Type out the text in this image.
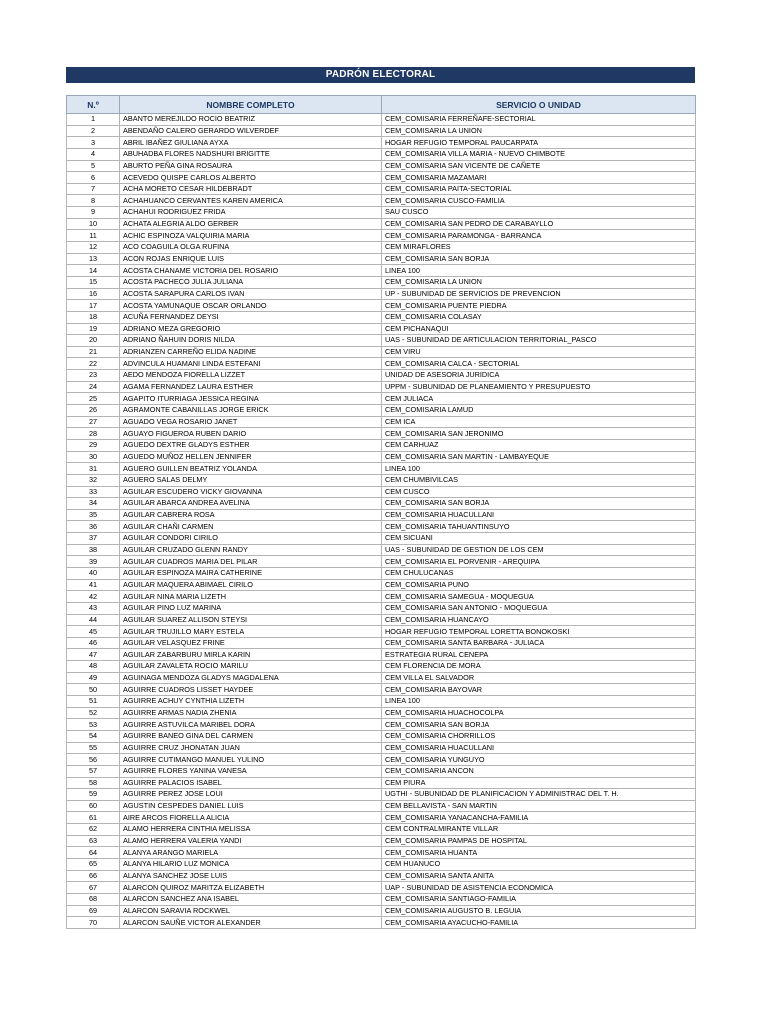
PADRÓN ELECTORAL
N.º	NOMBRE COMPLETO	SERVICIO O UNIDAD
1	ABANTO MEREJILDO ROCIO BEATRIZ	CEM_COMISARIA FERREÑAFE-SECTORIAL
2	ABENDAÑO CALERO GERARDO WILVERDEF	CEM_COMISARIA LA UNION
3	ABRIL IBAÑEZ GIULIANA AYXA	HOGAR REFUGIO TEMPORAL PAUCARPATA
4	ABUHADBA FLORES NADSHURI BRIGITTE	CEM_COMISARIA VILLA MARIA - NUEVO CHIMBOTE
5	ABURTO PEÑA GINA ROSAURA	CEM_COMISARIA SAN VICENTE DE CAÑETE
6	ACEVEDO QUISPE CARLOS ALBERTO	CEM_COMISARIA MAZAMARI
7	ACHA MORETO CESAR HILDEBRADT	CEM_COMISARIA PAITA-SECTORIAL
8	ACHAHUANCO CERVANTES KAREN AMERICA	CEM_COMISARIA CUSCO-FAMILIA
9	ACHAHUI RODRIGUEZ FRIDA	SAU CUSCO
10	ACHATA ALEGRIA ALDO GERBER	CEM_COMISARIA SAN PEDRO DE CARABAYLLO
11	ACHIC ESPINOZA VALQUIRIA MARIA	CEM_COMISARIA PARAMONGA - BARRANCA
12	ACO COAGUILA OLGA RUFINA	CEM MIRAFLORES
13	ACON ROJAS ENRIQUE LUIS	CEM_COMISARIA SAN BORJA
14	ACOSTA CHANAME VICTORIA DEL ROSARIO	LINEA 100
15	ACOSTA PACHECO JULIA JULIANA	CEM_COMISARIA LA UNION
16	ACOSTA SARAPURA CARLOS IVAN	UP - SUBUNIDAD DE SERVICIOS DE PREVENCION
17	ACOSTA YAMUNAQUE OSCAR ORLANDO	CEM_COMISARIA PUENTE PIEDRA
18	ACUÑA FERNANDEZ DEYSI	CEM_COMISARIA COLASAY
19	ADRIANO MEZA GREGORIO	CEM PICHANAQUI
20	ADRIANO ÑAHUIN DORIS NILDA	UAS - SUBUNIDAD DE ARTICULACION TERRITORIAL_PASCO
21	ADRIANZEN CARREÑO ELIDA NADINE	CEM VIRU
22	ADVINCULA HUAMANI LINDA ESTEFANI	CEM_COMISARIA CALCA - SECTORIAL
23	AEDO MENDOZA FIORELLA LIZZET	UNIDAD DE ASESORIA JURIDICA
24	AGAMA FERNANDEZ LAURA ESTHER	UPPM - SUBUNIDAD DE PLANEAMIENTO Y PRESUPUESTO
25	AGAPITO ITURRIAGA JESSICA REGINA	CEM JULIACA
26	AGRAMONTE CABANILLAS JORGE ERICK	CEM_COMISARIA LAMUD
27	AGUADO VEGA ROSARIO JANET	CEM ICA
28	AGUAYO FIGUEROA RUBEN DARIO	CEM_COMISARIA SAN JERONIMO
29	AGUEDO DEXTRE GLADYS ESTHER	CEM CARHUAZ
30	AGUEDO MUÑOZ HELLEN JENNIFER	CEM_COMISARIA SAN MARTIN - LAMBAYEQUE
31	AGUERO GUILLEN BEATRIZ YOLANDA	LINEA 100
32	AGUERO SALAS DELMY	CEM CHUMBIVILCAS
33	AGUILAR ESCUDERO VICKY GIOVANNA	CEM CUSCO
34	AGUILAR ABARCA ANDREA AVELINA	CEM_COMISARIA SAN BORJA
35	AGUILAR CABRERA ROSA	CEM_COMISARIA HUACULLANI
36	AGUILAR CHAÑI CARMEN	CEM_COMISARIA TAHUANTINSUYO
37	AGUILAR CONDORI CIRILO	CEM SICUANI
38	AGUILAR CRUZADO GLENN RANDY	UAS - SUBUNIDAD DE GESTION DE LOS CEM
39	AGUILAR CUADROS MARIA DEL PILAR	CEM_COMISARIA EL PORVENIR - AREQUIPA
40	AGUILAR ESPINOZA MAIRA CATHERINE	CEM CHULUCANAS
41	AGUILAR MAQUERA ABIMAEL CIRILO	CEM_COMISARIA PUNO
42	AGUILAR NINA MARIA LIZETH	CEM_COMISARIA SAMEGUA - MOQUEGUA
43	AGUILAR PINO LUZ MARINA	CEM_COMISARIA SAN ANTONIO - MOQUEGUA
44	AGUILAR SUAREZ ALLISON STEYSI	CEM_COMISARIA HUANCAYO
45	AGUILAR TRUJILLO MARY ESTELA	HOGAR REFUGIO TEMPORAL LORETTA BONOKOSKI
46	AGUILAR VELASQUEZ FRINE	CEM_COMISARIA SANTA BARBARA - JULIACA
47	AGUILAR ZABARBURU MIRLA KARIN	ESTRATEGIA RURAL CENEPA
48	AGUILAR ZAVALETA ROCIO MARILU	CEM FLORENCIA DE MORA
49	AGUINAGA MENDOZA GLADYS MAGDALENA	CEM VILLA EL SALVADOR
50	AGUIRRE CUADROS LISSET HAYDEE	CEM_COMISARIA BAYOVAR
51	AGUIRRE ACHUY CYNTHIA LIZETH	LINEA 100
52	AGUIRRE ARMAS NADIA ZHENIA	CEM_COMISARIA HUACHOCOLPA
53	AGUIRRE ASTUVILCA MARIBEL DORA	CEM_COMISARIA SAN BORJA
54	AGUIRRE BANEO GINA DEL CARMEN	CEM_COMISARIA CHORRILLOS
55	AGUIRRE CRUZ JHONATAN JUAN	CEM_COMISARIA HUACULLANI
56	AGUIRRE CUTIMANGO MANUEL YULINO	CEM_COMISARIA YUNGUYO
57	AGUIRRE FLORES YANINA VANESA	CEM_COMISARIA ANCON
58	AGUIRRE PALACIOS ISABEL	CEM PIURA
59	AGUIRRE PEREZ JOSE LOUI	UGTHI - SUBUNIDAD DE PLANIFICACION Y ADMINISTRAC DEL T. H.
60	AGUSTIN CESPEDES DANIEL LUIS	CEM BELLAVISTA - SAN MARTIN
61	AIRE ARCOS FIORELLA ALICIA	CEM_COMISARIA YANACANCHA-FAMILIA
62	ALAMO HERRERA CINTHIA MELISSA	CEM CONTRALMIRANTE VILLAR
63	ALAMO HERRERA VALERIA YANDI	CEM_COMISARIA PAMPAS DE HOSPITAL
64	ALANYA ARANGO MARIELA	CEM_COMISARIA HUANTA
65	ALANYA HILARIO LUZ MONICA	CEM HUANUCO
66	ALANYA SANCHEZ JOSE LUIS	CEM_COMISARIA SANTA ANITA
67	ALARCON QUIROZ MARITZA ELIZABETH	UAP - SUBUNIDAD DE ASISTENCIA ECONOMICA
68	ALARCON SANCHEZ ANA ISABEL	CEM_COMISARIA SANTIAGO-FAMILIA
69	ALARCON SARAVIA ROCKWEL	CEM_COMISARIA AUGUSTO B. LEGUIA
70	ALARCON SAUÑE VICTOR ALEXANDER	CEM_COMISARIA AYACUCHO-FAMILIA
